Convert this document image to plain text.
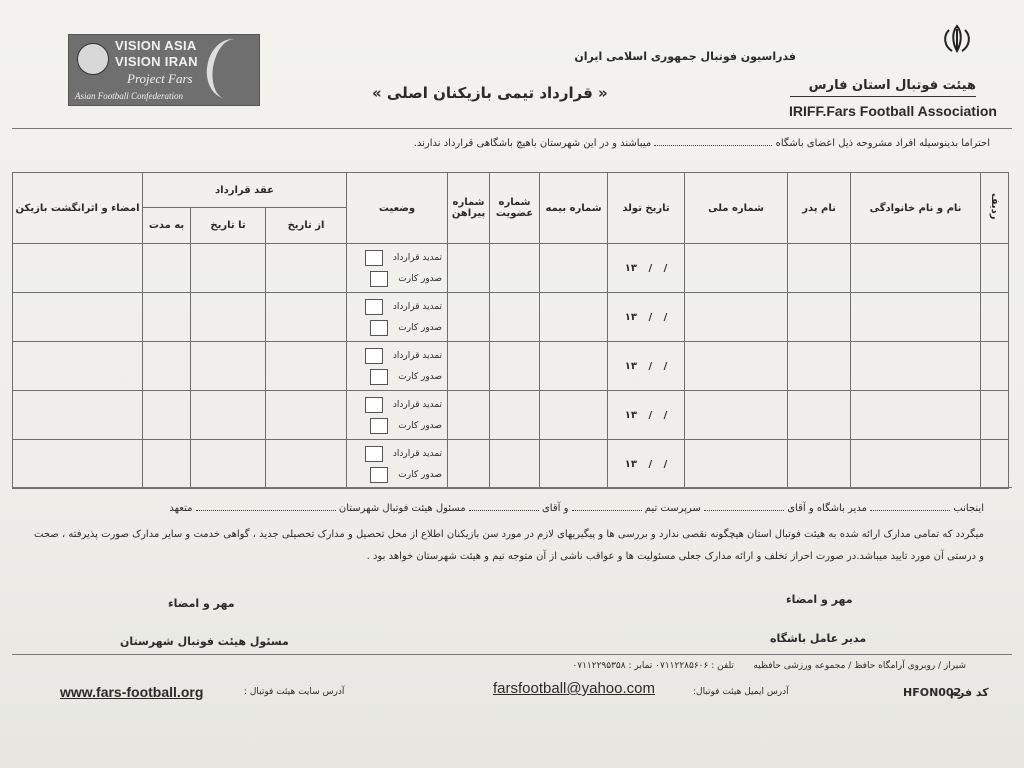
VISION ASIA
VISION IRAN
Project Fars
Asian Football Confederation
فدراسیون فوتبال جمهوری اسلامی ایران
هیئت فوتبال استان فارس
IRIFF.Fars Football Association
« قرارداد تیمی بازیکنان اصلی »
احتراما بدینوسیله افراد مشروحه ذیل اعضای باشگاه  میباشند و در این شهرستان باهیچ باشگاهی قرارداد ندارند.
ردیف	نام و نام خانوادگی	نام پدر	شماره ملی	تاریخ تولد	شماره بیمه	شماره عضویت	شماره پیراهن	وضعیت	عقد قرارداد			امضاء و اثرانگشت بازیکن
									از تاریخ	تا تاریخ	به مدت	
				/ / ۱۳				تمدید قرارداد
صدور کارت				

				/ / ۱۳				تمدید قرارداد
صدور کارت				

				/ / ۱۳				تمدید قرارداد
صدور کارت				

				/ / ۱۳				تمدید قرارداد
صدور کارت				

				/ / ۱۳				تمدید قرارداد
صدور کارت				

اینجانب  مدیر باشگاه و آقای  سرپرست تیم  و آقای  مسئول هیئت فوتبال شهرستان  متعهد
میگردد که تمامی مدارک ارائه شده به هیئت فوتبال استان هیچگونه نقصی ندارد و بررسی ها و پیگیریهای لازم در مورد سن بازیکنان اطلاع از محل تحصیل و مدارک تحصیلی جدید ، گواهی خدمت و سایر مدارک صورت پذیرفته ، صحت و درستی آن مورد تایید میباشد.در صورت احراز تخلف و ارائه مدارک جعلی مسئولیت ها و عواقب ناشی از آن متوجه تیم و هیئت شهرستان خواهد بود .
مهر و امضاء	مهر و امضاء
مسئول هیئت فوتبال شهرستان	مدیر عامل باشگاه
شیراز / روبروی آرامگاه حافظ / مجموعه ورزشی حافظیه
تلفن : ۰۷۱۱۲۲۸۵۶۰۶ تمابر : ۰۷۱۱۲۲۹۵۳۵۸
آدرس سایت هیئت فوتبال :
www.fars-football.org	آدرس ایمیل هیئت فوتبال:
farsfootball@yahoo.com	HFON002
کد فرم
